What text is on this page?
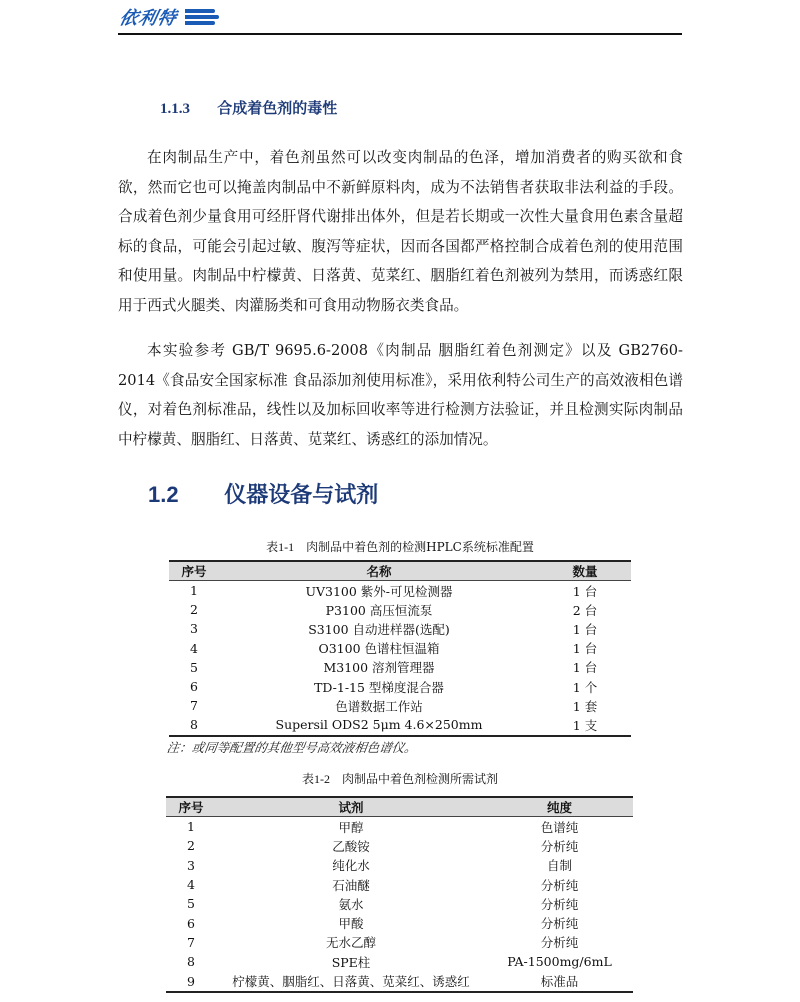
依利特
1.1.3 合成着色剂的毒性

在肉制品生产中，着色剂虽然可以改变肉制品的色泽，增加消费者的购买欲和食欲，然而它也可以掩盖肉制品中不新鲜原料肉，成为不法销售者获取非法利益的手段。合成着色剂少量食用可经肝肾代谢排出体外，但是若长期或一次性大量食用色素含量超标的食品，可能会引起过敏、腹泻等症状，因而各国都严格控制合成着色剂的使用范围和使用量。肉制品中柠檬黄、日落黄、苋菜红、胭脂红着色剂被列为禁用，而诱惑红限用于西式火腿类、肉灌肠类和可食用动物肠衣类食品。

本实验参考 GB/T 9695.6-2008《肉制品 胭脂红着色剂测定》以及 GB2760-2014《食品安全国家标准 食品添加剂使用标准》，采用依利特公司生产的高效液相色谱仪，对着色剂标准品，线性以及加标回收率等进行检测方法验证，并且检测实际肉制品中柠檬黄、胭脂红、日落黄、苋菜红、诱惑红的添加情况。

1.2 仪器设备与试剂
表1-1 肉制品中着色剂的检测HPLC系统标准配置
序号	名称	数量
1	UV3100 紫外-可见检测器	1 台
2	P3100 高压恒流泵	2 台
3	S3100 自动进样器(选配)	1 台
4	O3100 色谱柱恒温箱	1 台
5	M3100 溶剂管理器	1 台
6	TD-1-15 型梯度混合器	1 个
7	色谱数据工作站	1 套
8	Supersil ODS2 5μm 4.6×250mm	1 支
注：或同等配置的其他型号高效液相色谱仪。
表1-2 肉制品中着色剂检测所需试剂
序号	试剂	纯度
1	甲醇	色谱纯
2	乙酸铵	分析纯
3	纯化水	自制
4	石油醚	分析纯
5	氨水	分析纯
6	甲酸	分析纯
7	无水乙醇	分析纯
8	SPE柱	PA-1500mg/6mL
9	柠檬黄、胭脂红、日落黄、苋菜红、诱惑红	标准品
